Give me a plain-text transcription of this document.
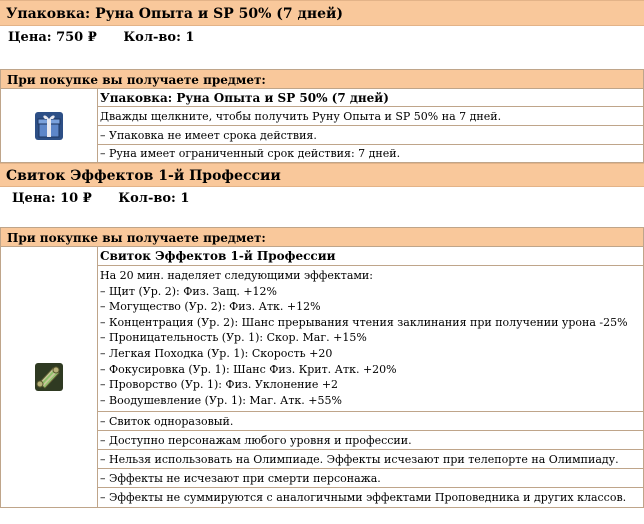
Упаковка: Руна Опыта и SP 50% (7 дней)
Цена: 750 ₽ Кол-во: 1
При покупке вы получаете предмет:
Упаковка: Руна Опыта и SP 50% (7 дней)
Дважды щелкните, чтобы получить Руну Опыта и SP 50% на 7 дней.
– Упаковка не имеет срока действия.
– Руна имеет ограниченный срок действия: 7 дней.
Свиток Эффектов 1-й Профессии
Цена: 10 ₽ Кол-во: 1
При покупке вы получаете предмет:
Свиток Эффектов 1-й Профессии
На 20 мин. наделяет следующими эффектами:
– Щит (Ур. 2): Физ. Защ. +12%
– Могущество (Ур. 2): Физ. Атк. +12%
– Концентрация (Ур. 2): Шанс прерывания чтения заклинания при получении урона -25%
– Проницательность (Ур. 1): Скор. Маг. +15%
– Легкая Походка (Ур. 1): Скорость +20
– Фокусировка (Ур. 1): Шанс Физ. Крит. Атк. +20%
– Проворство (Ур. 1): Физ. Уклонение +2
– Воодушевление (Ур. 1): Маг. Атк. +55%
– Свиток одноразовый.
– Доступно персонажам любого уровня и профессии.
– Нельзя использовать на Олимпиаде. Эффекты исчезают при телепорте на Олимпиаду.
– Эффекты не исчезают при смерти персонажа.
– Эффекты не суммируются с аналогичными эффектами Проповедника и других классов.
